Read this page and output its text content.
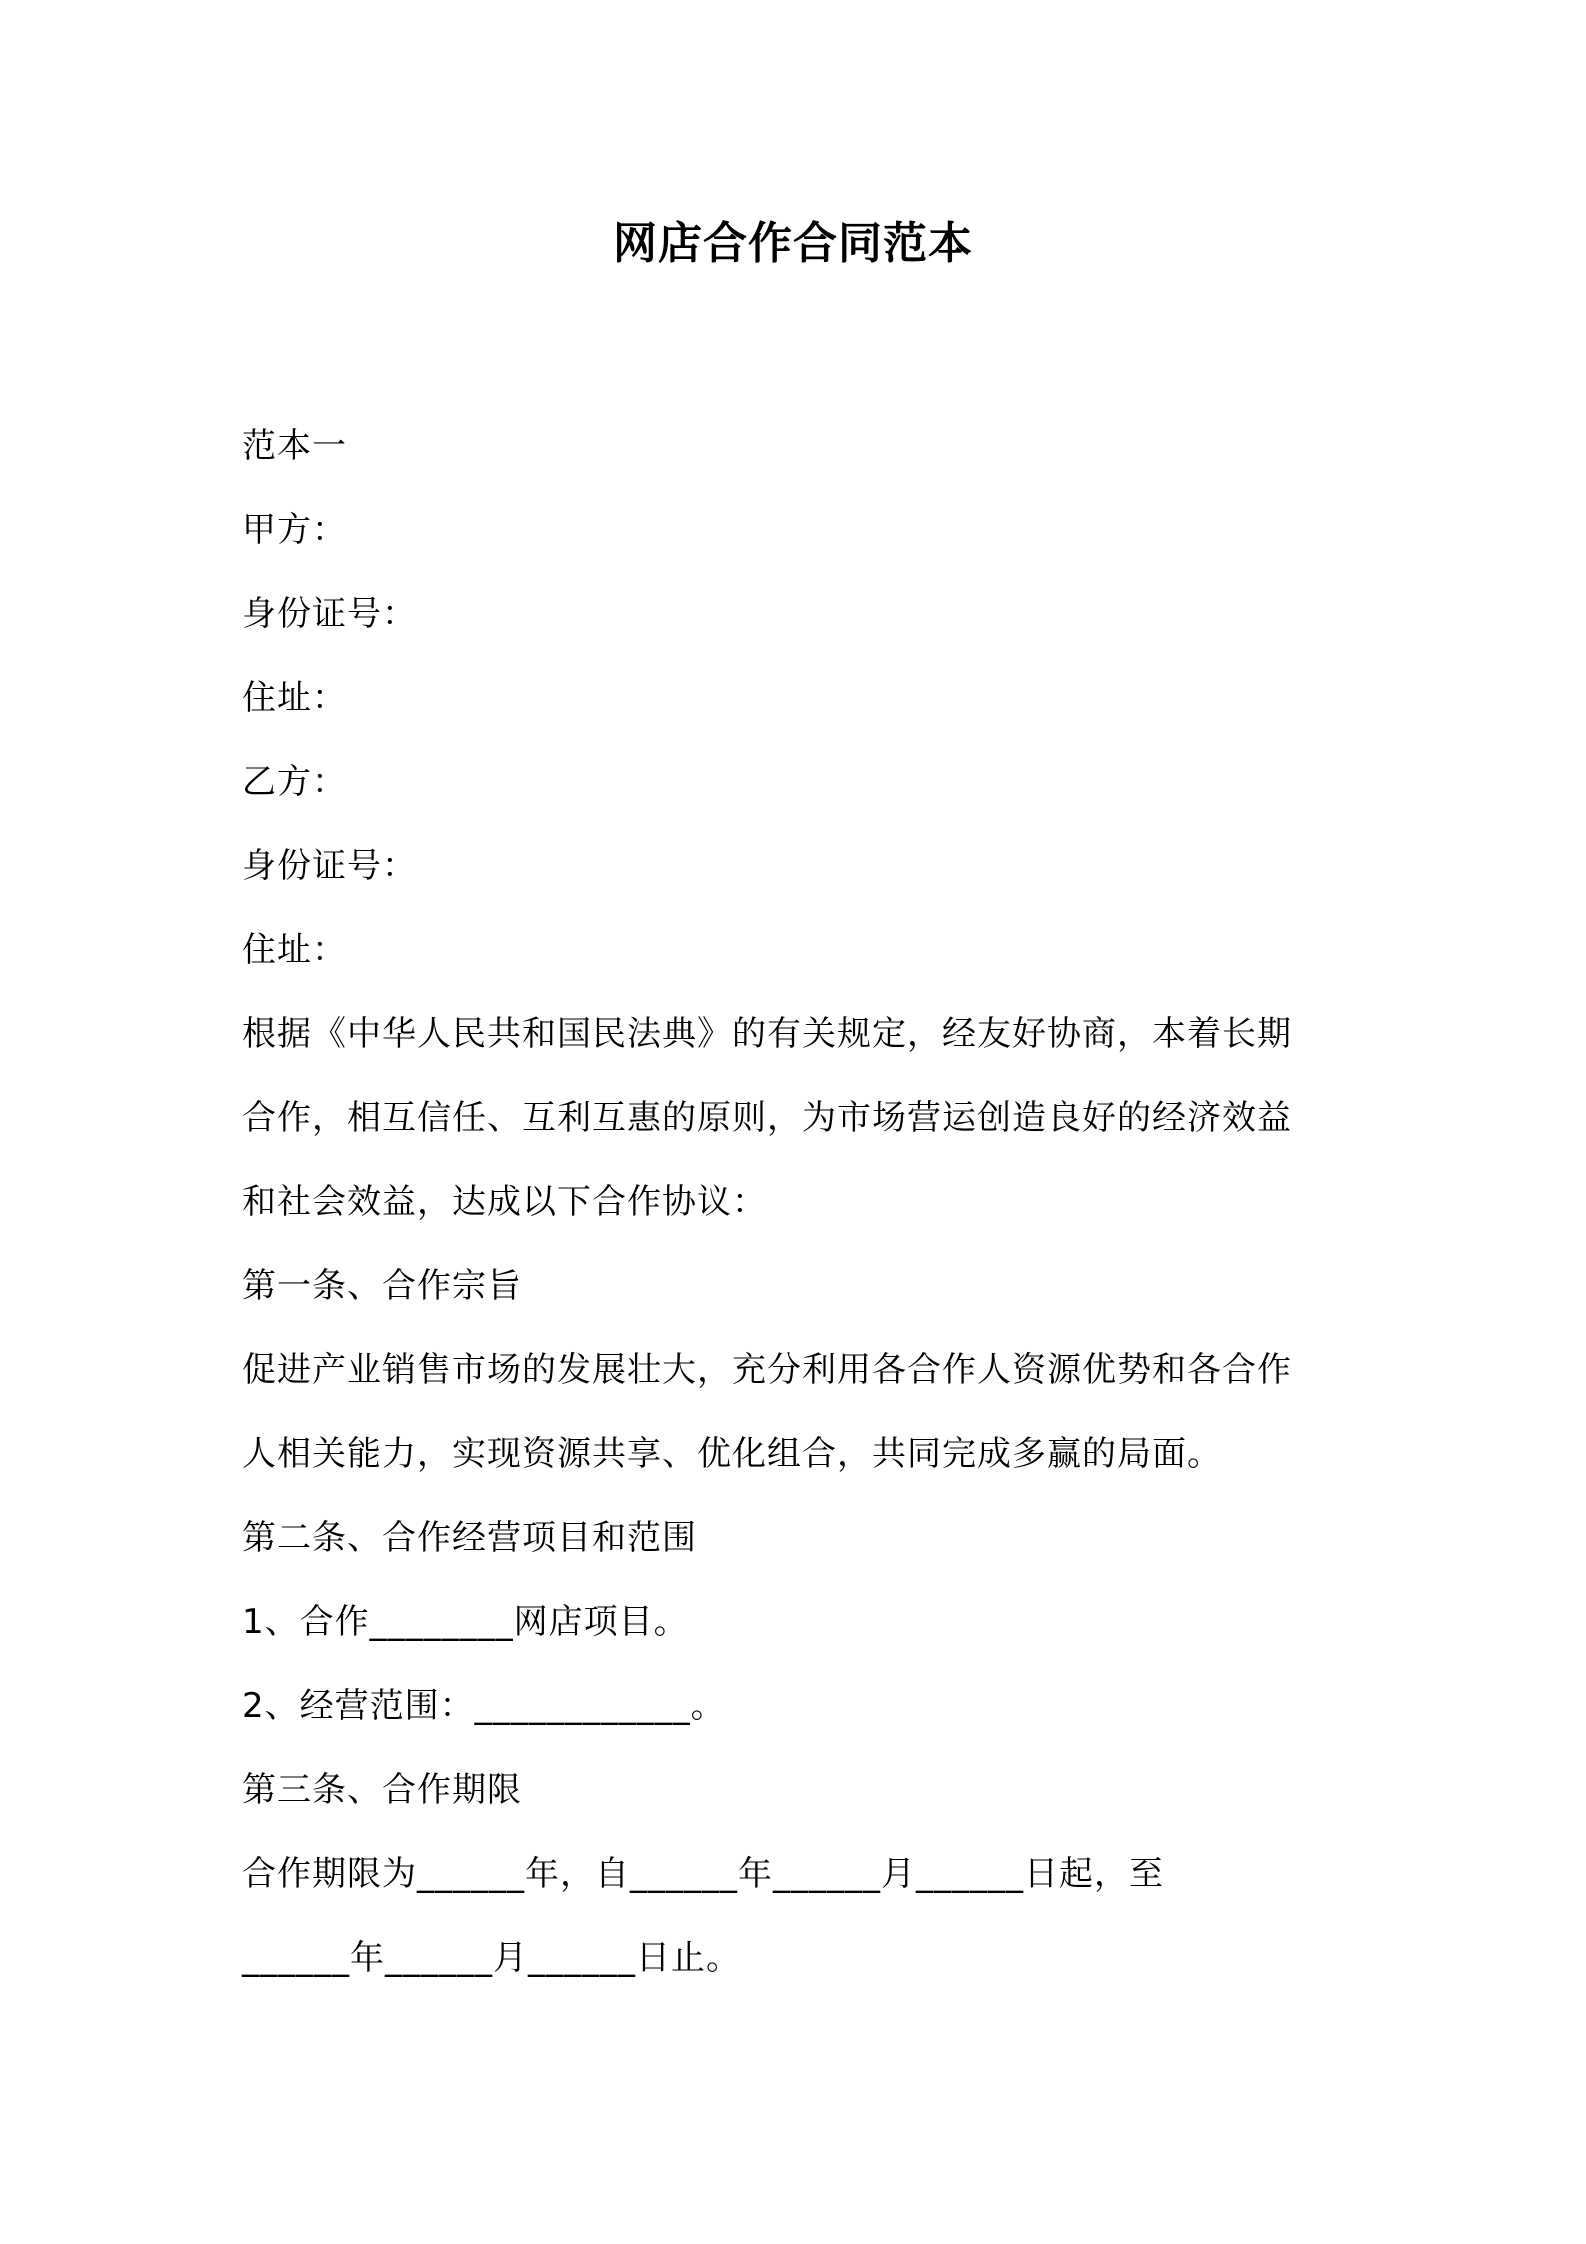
网店合作合同范本
范本一
甲方：
身份证号：
住址：
乙方：
身份证号：
住址：
根据《中华人民共和国民法典》的有关规定，经友好协商，本着长期
合作，相互信任、互利互惠的原则，为市场营运创造良好的经济效益
和社会效益，达成以下合作协议：
第一条、合作宗旨
促进产业销售市场的发展壮大，充分利用各合作人资源优势和各合作
人相关能力，实现资源共享、优化组合，共同完成多赢的局面。
第二条、合作经营项目和范围
1、合作________网店项目。
2、经营范围：____________。
第三条、合作期限
合作期限为______年，自______年______月______日起，至
______年______月______日止。
